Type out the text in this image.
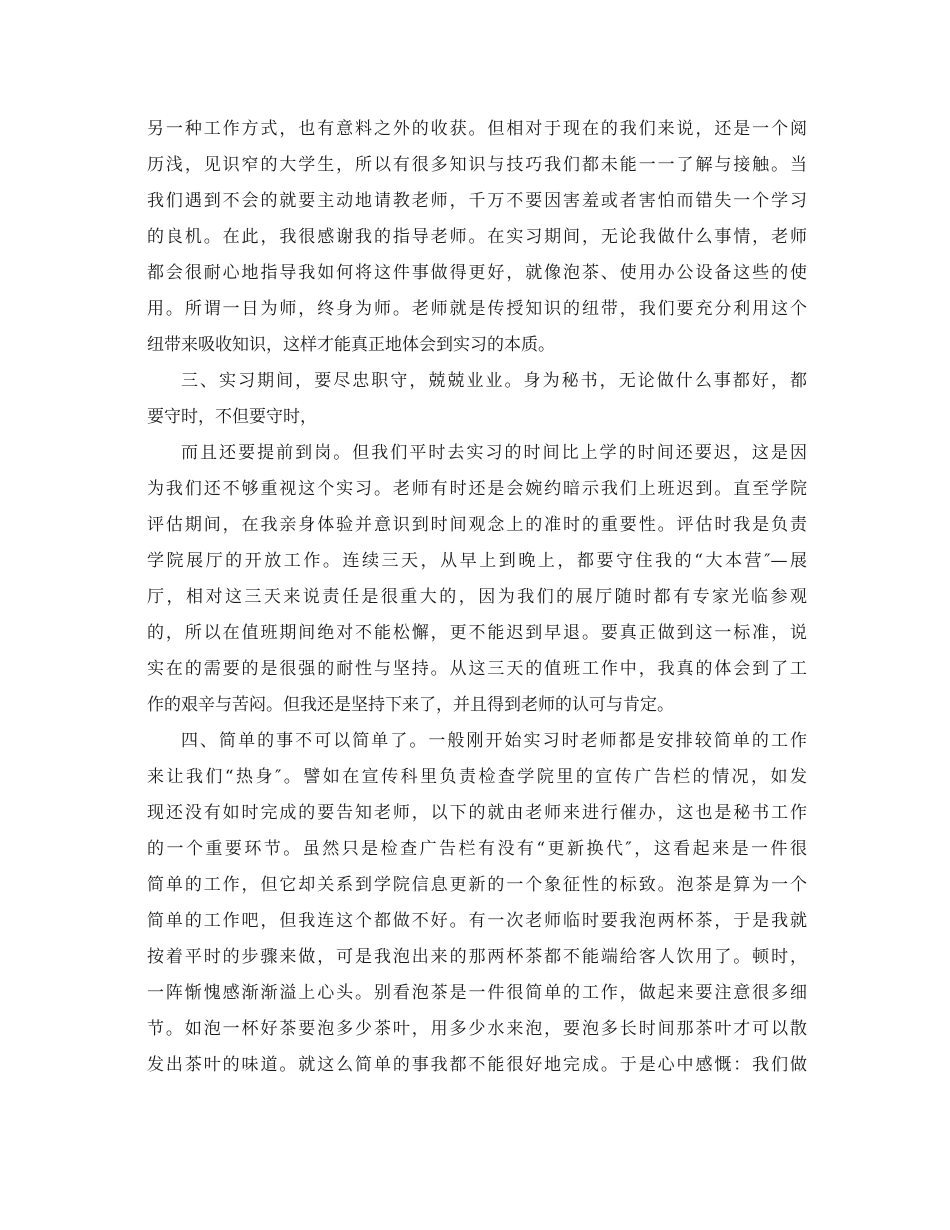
另一种工作方式，也有意料之外的收获。但相对于现在的我们来说，还是一个阅
历浅，见识窄的大学生，所以有很多知识与技巧我们都未能一一了解与接触。当
我们遇到不会的就要主动地请教老师，千万不要因害羞或者害怕而错失一个学习
的良机。在此，我很感谢我的指导老师。在实习期间，无论我做什么事情，老师
都会很耐心地指导我如何将这件事做得更好，就像泡茶、使用办公设备这些的使
用。所谓一日为师，终身为师。老师就是传授知识的纽带，我们要充分利用这个
纽带来吸收知识，这样才能真正地体会到实习的本质。
三、实习期间，要尽忠职守，兢兢业业。身为秘书，无论做什么事都好，都
要守时，不但要守时，
而且还要提前到岗。但我们平时去实习的时间比上学的时间还要迟，这是因
为我们还不够重视这个实习。老师有时还是会婉约暗示我们上班迟到。直至学院
评估期间，在我亲身体验并意识到时间观念上的准时的重要性。评估时我是负责
学院展厅的开放工作。连续三天，从早上到晚上，都要守住我的“大本营″—展
厅，相对这三天来说责任是很重大的，因为我们的展厅随时都有专家光临参观
的，所以在值班期间绝对不能松懈，更不能迟到早退。要真正做到这一标准，说
实在的需要的是很强的耐性与坚持。从这三天的值班工作中，我真的体会到了工
作的艰辛与苦闷。但我还是坚持下来了，并且得到老师的认可与肯定。
四、简单的事不可以简单了。一般刚开始实习时老师都是安排较简单的工作
来让我们“热身″。譬如在宣传科里负责检查学院里的宣传广告栏的情况，如发
现还没有如时完成的要告知老师，以下的就由老师来进行催办，这也是秘书工作
的一个重要环节。虽然只是检查广告栏有没有“更新换代″，这看起来是一件很
简单的工作，但它却关系到学院信息更新的一个象征性的标致。泡茶是算为一个
简单的工作吧，但我连这个都做不好。有一次老师临时要我泡两杯茶，于是我就
按着平时的步骤来做，可是我泡出来的那两杯茶都不能端给客人饮用了。顿时，
一阵惭愧感渐渐溢上心头。别看泡茶是一件很简单的工作，做起来要注意很多细
节。如泡一杯好茶要泡多少茶叶，用多少水来泡，要泡多长时间那茶叶才可以散
发出茶叶的味道。就这么简单的事我都不能很好地完成。于是心中感慨：我们做
